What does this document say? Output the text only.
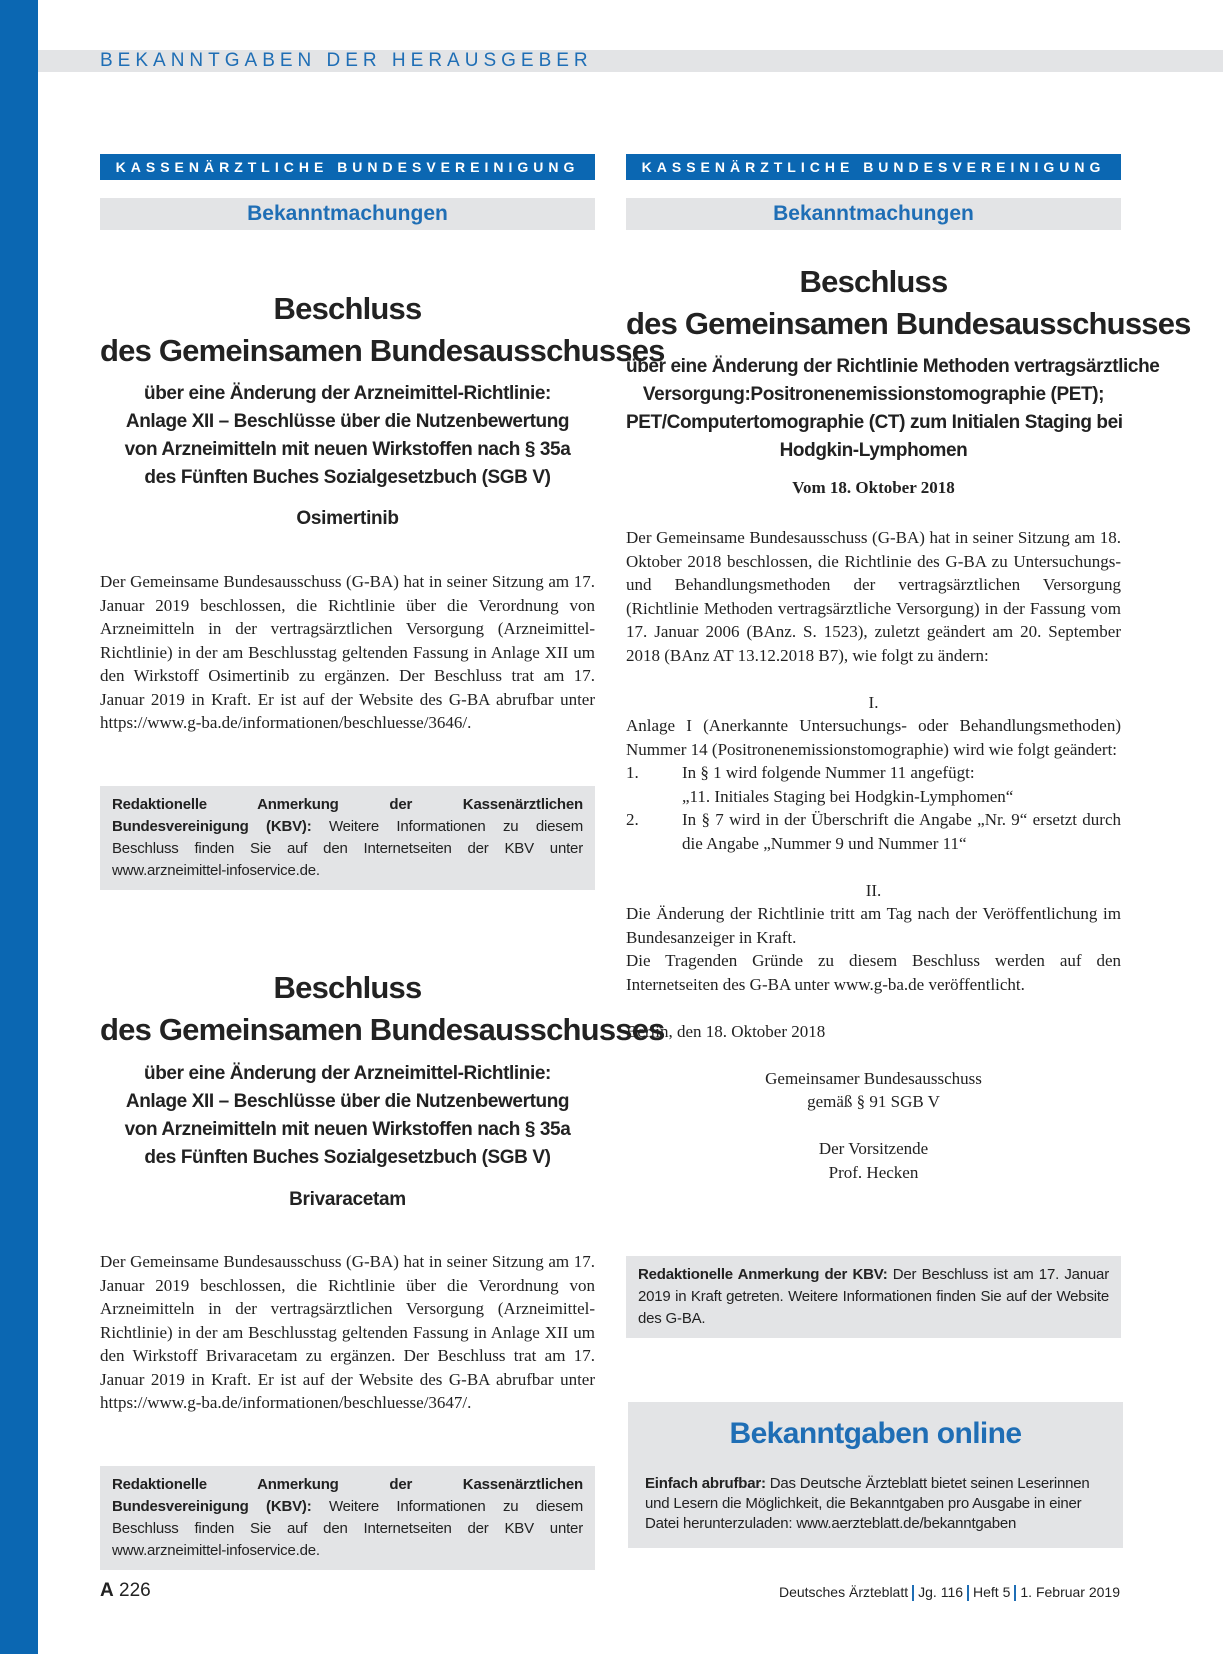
BEKANNTGABEN DER HERAUSGEBER
KASSENÄRZTLICHE BUNDESVEREINIGUNG
Bekanntmachungen
Beschluss
des Gemeinsamen Bundesausschusses
über eine Änderung der Arzneimittel-Richtlinie:
Anlage XII – Beschlüsse über die Nutzenbewertung
von Arzneimitteln mit neuen Wirkstoffen nach § 35a
des Fünften Buches Sozialgesetzbuch (SGB V)
Osimertinib

Der Gemeinsame Bundesausschuss (G-BA) hat in seiner Sitzung am 17. Januar 2019 beschlossen, die Richtlinie über die Verordnung von Arzneimitteln in der vertragsärztlichen Versorgung (Arzneimittel-Richtlinie) in der am Beschlusstag geltenden Fassung in Anlage XII um den Wirkstoff Osimertinib zu ergänzen. Der Beschluss trat am 17. Januar 2019 in Kraft. Er ist auf der Website des G-BA abrufbar unter https://www.g-ba.de/informationen/beschluesse/3646/.

Redaktionelle Anmerkung der Kassenärztlichen Bundesvereinigung (KBV): Weitere Informationen zu diesem Beschluss finden Sie auf den Internetseiten der KBV unter www.arzneimittel-infoservice.de.
Beschluss
des Gemeinsamen Bundesausschusses
über eine Änderung der Arzneimittel-Richtlinie:
Anlage XII – Beschlüsse über die Nutzenbewertung
von Arzneimitteln mit neuen Wirkstoffen nach § 35a
des Fünften Buches Sozialgesetzbuch (SGB V)
Brivaracetam

Der Gemeinsame Bundesausschuss (G-BA) hat in seiner Sitzung am 17. Januar 2019 beschlossen, die Richtlinie über die Verordnung von Arzneimitteln in der vertragsärztlichen Versorgung (Arzneimittel-Richtlinie) in der am Beschlusstag geltenden Fassung in Anlage XII um den Wirkstoff Brivaracetam zu ergänzen. Der Beschluss trat am 17. Januar 2019 in Kraft. Er ist auf der Website des G-BA abrufbar unter https://www.g-ba.de/informationen/beschluesse/3647/.

Redaktionelle Anmerkung der Kassenärztlichen Bundesvereinigung (KBV): Weitere Informationen zu diesem Beschluss finden Sie auf den Internetseiten der KBV unter www.arzneimittel-infoservice.de.
KASSENÄRZTLICHE BUNDESVEREINIGUNG
Bekanntmachungen
Beschluss
des Gemeinsamen Bundesausschusses
über eine Änderung der Richtlinie Methoden vertragsärztliche
Versorgung:Positronenemissionstomographie (PET);
PET/Computertomographie (CT) zum Initialen Staging bei
Hodgkin-Lymphomen
Vom 18. Oktober 2018

Der Gemeinsame Bundesausschuss (G-BA) hat in seiner Sitzung am 18. Oktober 2018 beschlossen, die Richtlinie des G-BA zu Untersuchungs- und Behandlungsmethoden der vertragsärztlichen Versorgung (Richtlinie Methoden vertragsärztliche Versorgung) in der Fassung vom 17. Januar 2006 (BAnz. S. 1523), zuletzt geändert am 20. September 2018 (BAnz AT 13.12.2018 B7), wie folgt zu ändern:

I.

Anlage I (Anerkannte Untersuchungs- oder Behandlungsmethoden) Nummer 14 (Positronenemissionstomographie) wird wie folgt geändert:

1.	In § 1 wird folgende Nummer 11 angefügt:
„11. Initiales Staging bei Hodgkin-Lymphomen“
2.	In § 7 wird in der Überschrift die Angabe „Nr. 9“ ersetzt durch die Angabe „Nummer 9 und Nummer 11“

II.

Die Änderung der Richtlinie tritt am Tag nach der Veröffentlichung im Bundesanzeiger in Kraft.

Die Tragenden Gründe zu diesem Beschluss werden auf den Internetseiten des G-BA unter www.g-ba.de veröffentlicht.

Berlin, den 18. Oktober 2018

Gemeinsamer Bundesausschuss

gemäß § 91 SGB V

Der Vorsitzende

Prof. Hecken

Redaktionelle Anmerkung der KBV: Der Beschluss ist am 17. Januar 2019 in Kraft getreten. Weitere Informationen finden Sie auf der Website des G-BA.
Bekanntgaben online
Einfach abrufbar: Das Deutsche Ärzteblatt bietet seinen Leserinnen und Lesern die Möglichkeit, die Bekanntgaben pro Ausgabe in einer Datei herunterzuladen: www.aerzteblatt.de/bekanntgaben
A 226	Deutsches Ärzteblatt Jg. 116 Heft 5 1. Februar 2019
